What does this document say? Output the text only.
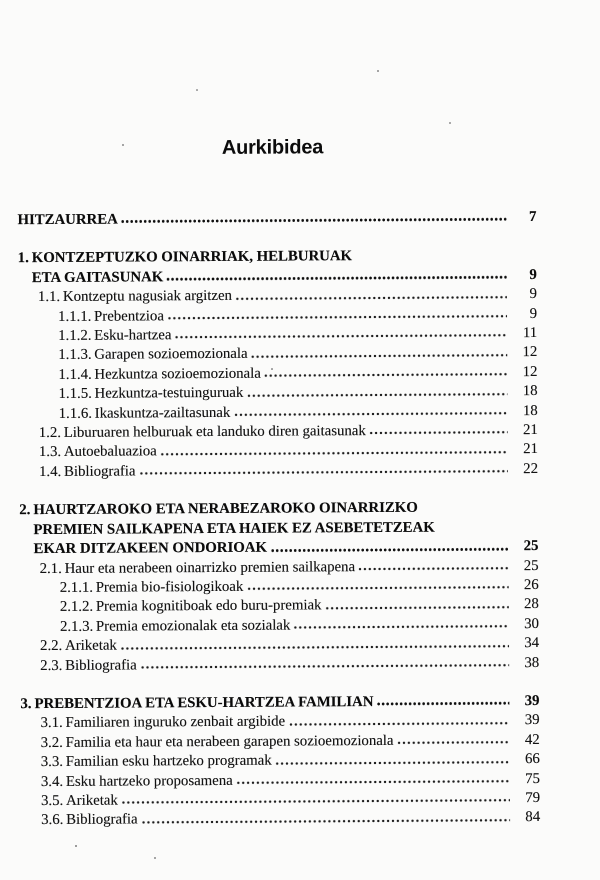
Aurkibidea
HITZAURREA	7
1. KONTZEPTUZKO OINARRIAK, HELBURUAK
ETA GAITASUNAK	9
1.1. Kontzeptu nagusiak argitzen	9
1.1.1. Prebentzioa	9
1.1.2. Esku-hartzea	11
1.1.3. Garapen sozioemozionala	12
1.1.4. Hezkuntza sozioemozionala	12
1.1.5. Hezkuntza-testuinguruak	18
1.1.6. Ikaskuntza-zailtasunak	18
1.2. Liburuaren helburuak eta landuko diren gaitasunak	21
1.3. Autoebaluazioa	21
1.4. Bibliografia	22
2. HAURTZAROKO ETA NERABEZAROKO OINARRIZKO
PREMIEN SAILKAPENA ETA HAIEK EZ ASEBETETZEAK
EKAR DITZAKEEN ONDORIOAK	25
2.1. Haur eta nerabeen oinarrizko premien sailkapena	25
2.1.1. Premia bio-fisiologikoak	26
2.1.2. Premia kognitiboak edo buru-premiak	28
2.1.3. Premia emozionalak eta sozialak	30
2.2. Ariketak	34
2.3. Bibliografia	38
3. PREBENTZIOA ETA ESKU-HARTZEA FAMILIAN	39
3.1. Familiaren inguruko zenbait argibide	39
3.2. Familia eta haur eta nerabeen garapen sozioemozionala	42
3.3. Familian esku hartzeko programak	66
3.4. Esku hartzeko proposamena	75
3.5. Ariketak	79
3.6. Bibliografia	84
